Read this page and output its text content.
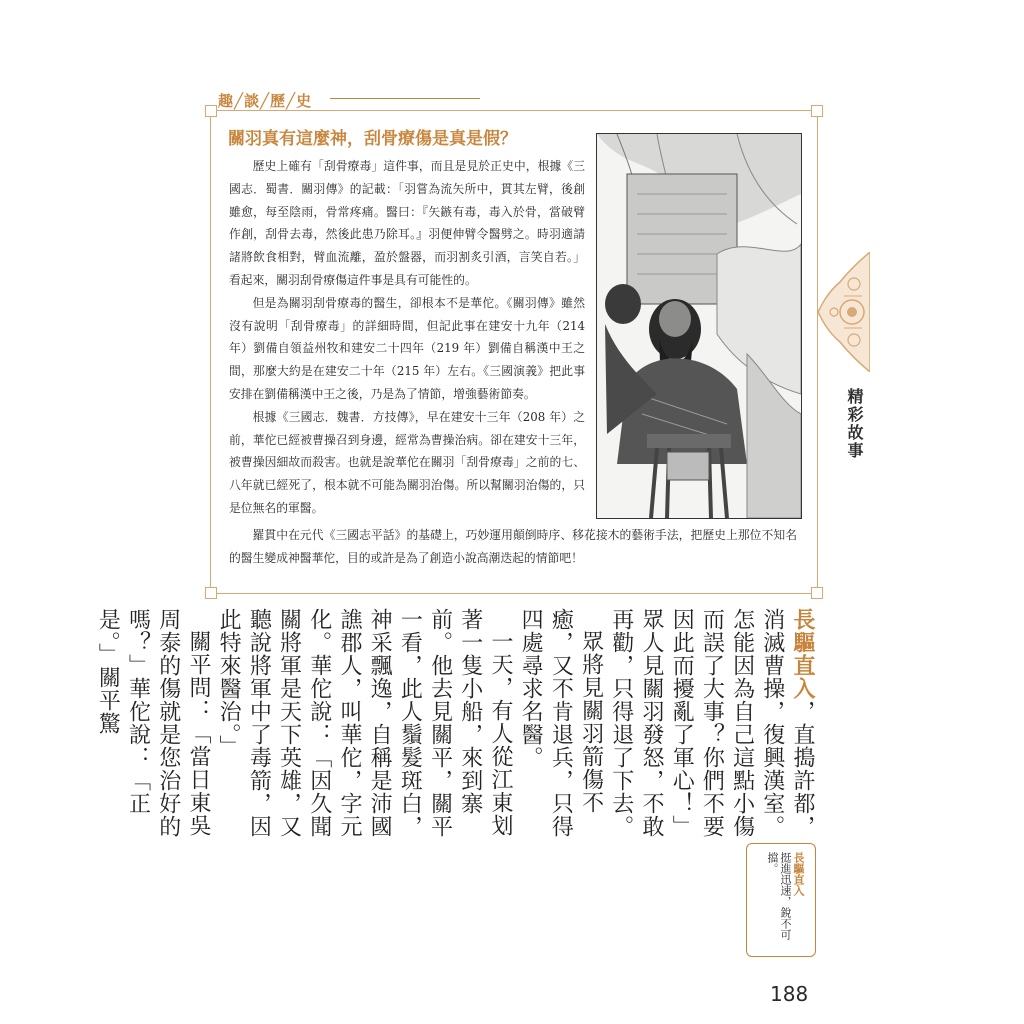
趣╱談╱歷╱史
關羽真有這麼神，刮骨療傷是真是假？

歷史上確有「刮骨療毒」這件事，而且是見於正史中，根據《三國志．蜀書．關羽傳》的記載：「羽嘗為流矢所中，貫其左臂，後創雖愈，每至陰雨，骨常疼痛。醫曰：『矢鏃有毒，毒入於骨，當破臂作創，刮骨去毒，然後此患乃除耳。』羽便伸臂令醫劈之。時羽適請諸將飲食相對，臂血流離，盈於盤器，而羽割炙引酒，言笑自若。」看起來，關羽刮骨療傷這件事是具有可能性的。

但是為關羽刮骨療毒的醫生，卻根本不是華佗。《關羽傳》雖然沒有說明「刮骨療毒」的詳細時間，但記此事在建安十九年（214 年）劉備自領益州牧和建安二十四年（219 年）劉備自稱漢中王之間，那麼大約是在建安二十年（215 年）左右。《三國演義》把此事安排在劉備稱漢中王之後，乃是為了情節，增強藝術節奏。

根據《三國志．魏書．方技傳》，早在建安十三年（208 年）之前，華佗已經被曹操召到身邊，經常為曹操治病。卻在建安十三年，被曹操因細故而殺害。也就是說華佗在關羽「刮骨療毒」之前的七、八年就已經死了，根本就不可能為關羽治傷。所以幫關羽治傷的，只是位無名的軍醫。

羅貫中在元代《三國志平話》的基礎上，巧妙運用顛倒時序、移花接木的藝術手法，把歷史上那位不知名的醫生變成神醫華佗，目的或許是為了創造小說高潮迭起的情節吧！

精彩故事

長驅直入，直搗許都，消滅曹操，復興漢室。怎能因為自己這點小傷而誤了大事？你們不要因此而擾亂了軍心！」眾人見關羽發怒，不敢再勸，只得退了下去。

眾將見關羽箭傷不癒，又不肯退兵，只得四處尋求名醫。

一天，有人從江東划著一隻小船，來到寨前。他去見關平，關平一看，此人鬚髮斑白，神采飄逸，自稱是沛國譙郡人，叫華佗，字元化。華佗說：「因久聞關將軍是天下英雄，又聽說將軍中了毒箭，因此特來醫治。」

關平問：「當日東吳周泰的傷就是您治好的嗎？」華佗說：「正是。」關平驚

長驅直入
挺進迅速，銳不可擋。
188
